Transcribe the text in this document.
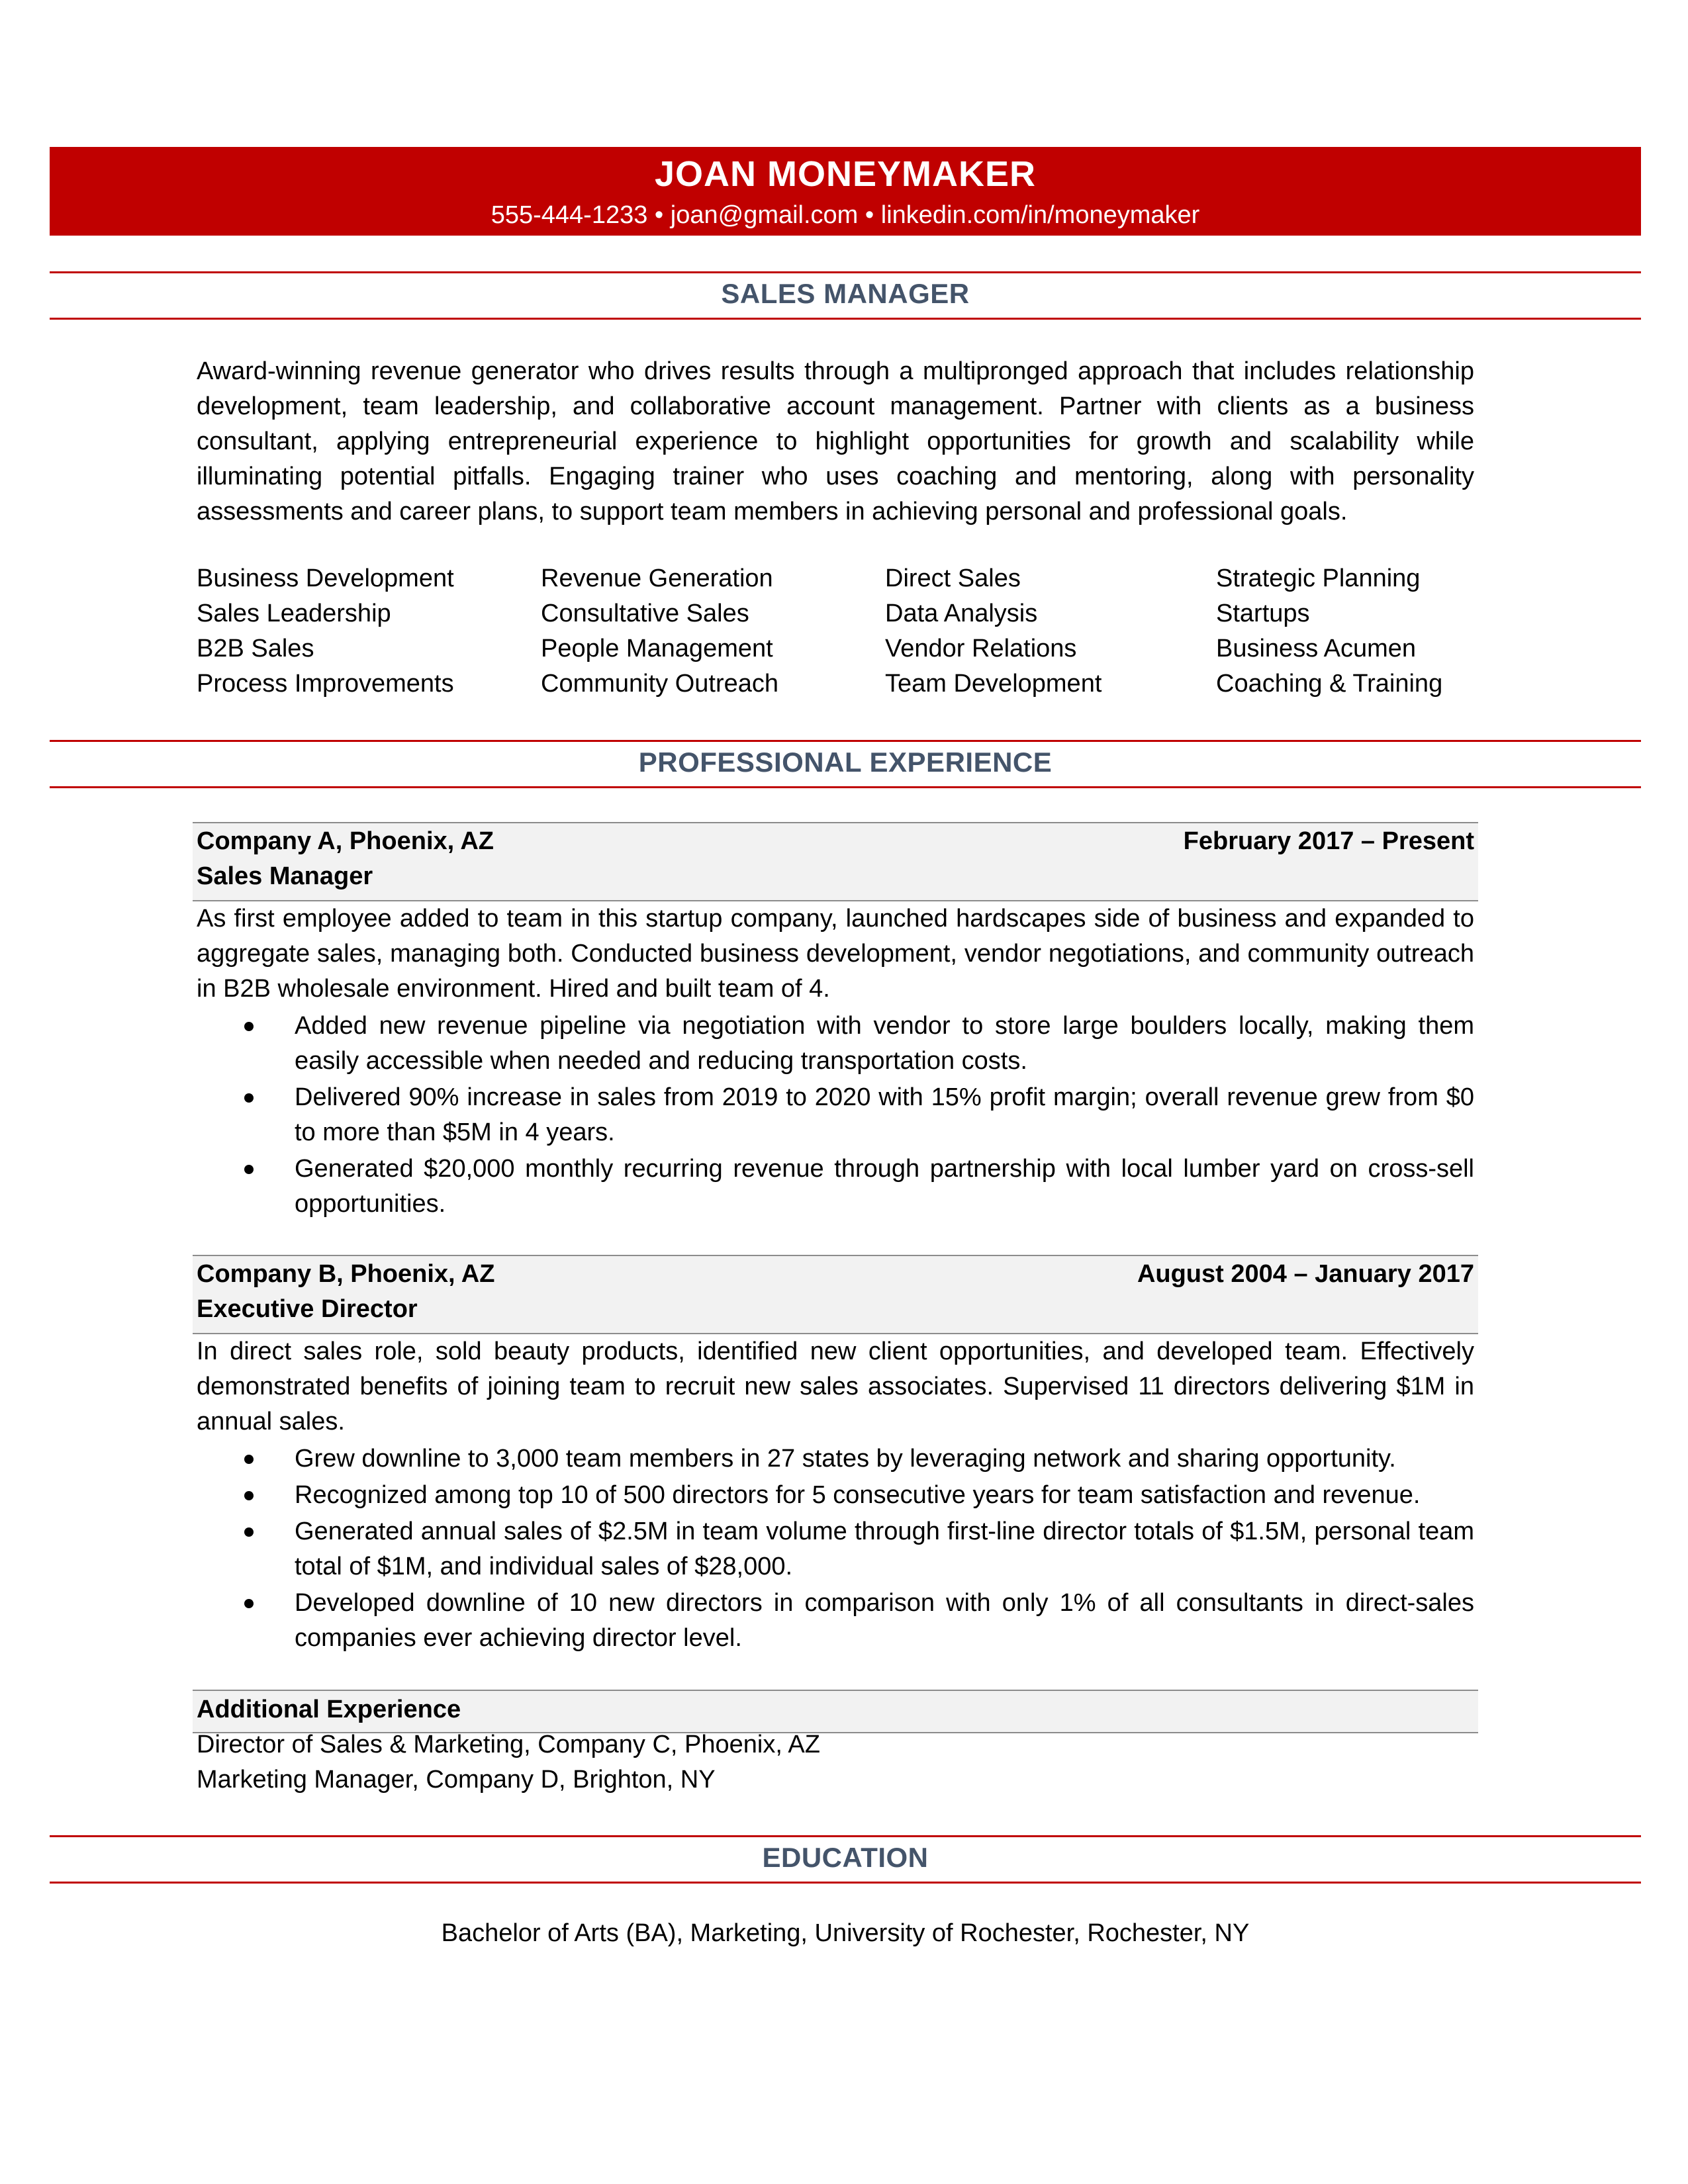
JOAN MONEYMAKER
555-444-1233 • joan@gmail.com • linkedin.com/in/moneymaker
SALES MANAGER
Award-winning revenue generator who drives results through a multipronged approach that includes relationship development, team leadership, and collaborative account management. Partner with clients as a business consultant, applying entrepreneurial experience to highlight opportunities for growth and scalability while illuminating potential pitfalls. Engaging trainer who uses coaching and mentoring, along with personality assessments and career plans, to support team members in achieving personal and professional goals.
Business Development
Sales Leadership
B2B Sales
Process Improvements
Revenue Generation
Consultative Sales
People Management
Community Outreach
Direct Sales
Data Analysis
Vendor Relations
Team Development
Strategic Planning
Startups
Business Acumen
Coaching & Training
PROFESSIONAL EXPERIENCE
Company A, Phoenix, AZ	February 2017 – Present
Sales Manager
As first employee added to team in this startup company, launched hardscapes side of business and expanded to aggregate sales, managing both. Conducted business development, vendor negotiations, and community outreach in B2B wholesale environment. Hired and built team of 4.
Added new revenue pipeline via negotiation with vendor to store large boulders locally, making them easily accessible when needed and reducing transportation costs.
Delivered 90% increase in sales from 2019 to 2020 with 15% profit margin; overall revenue grew from $0 to more than $5M in 4 years.
Generated $20,000 monthly recurring revenue through partnership with local lumber yard on cross-sell opportunities.
Company B, Phoenix, AZ	August 2004 – January 2017
Executive Director
In direct sales role, sold beauty products, identified new client opportunities, and developed team. Effectively demonstrated benefits of joining team to recruit new sales associates. Supervised 11 directors delivering $1M in annual sales.
Grew downline to 3,000 team members in 27 states by leveraging network and sharing opportunity.
Recognized among top 10 of 500 directors for 5 consecutive years for team satisfaction and revenue.
Generated annual sales of $2.5M in team volume through first-line director totals of $1.5M, personal team total of $1M, and individual sales of $28,000.
Developed downline of 10 new directors in comparison with only 1% of all consultants in direct-sales companies ever achieving director level.
Additional Experience
Director of Sales & Marketing, Company C, Phoenix, AZ
Marketing Manager, Company D, Brighton, NY
EDUCATION
Bachelor of Arts (BA), Marketing, University of Rochester, Rochester, NY
